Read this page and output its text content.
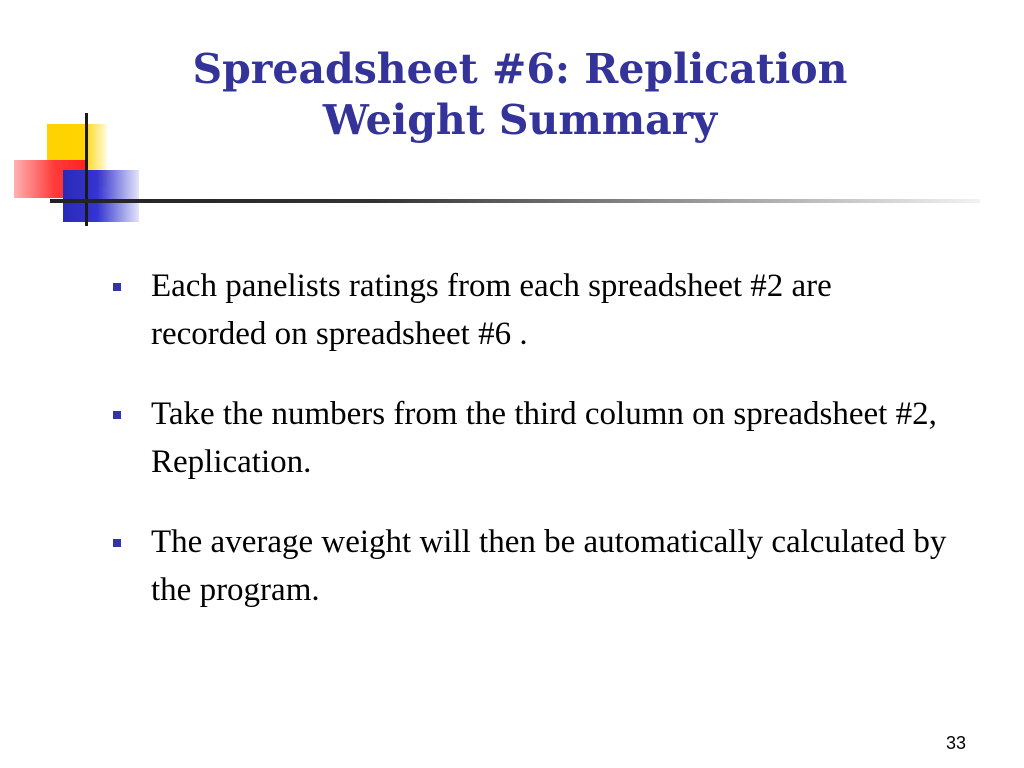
Spreadsheet #6: Replication
Weight Summary
Each panelists ratings from each spreadsheet #2 are recorded on spreadsheet #6 .
Take the numbers from the third column on spreadsheet #2, Replication.
The average weight will then be automatically calculated by the program.
33
